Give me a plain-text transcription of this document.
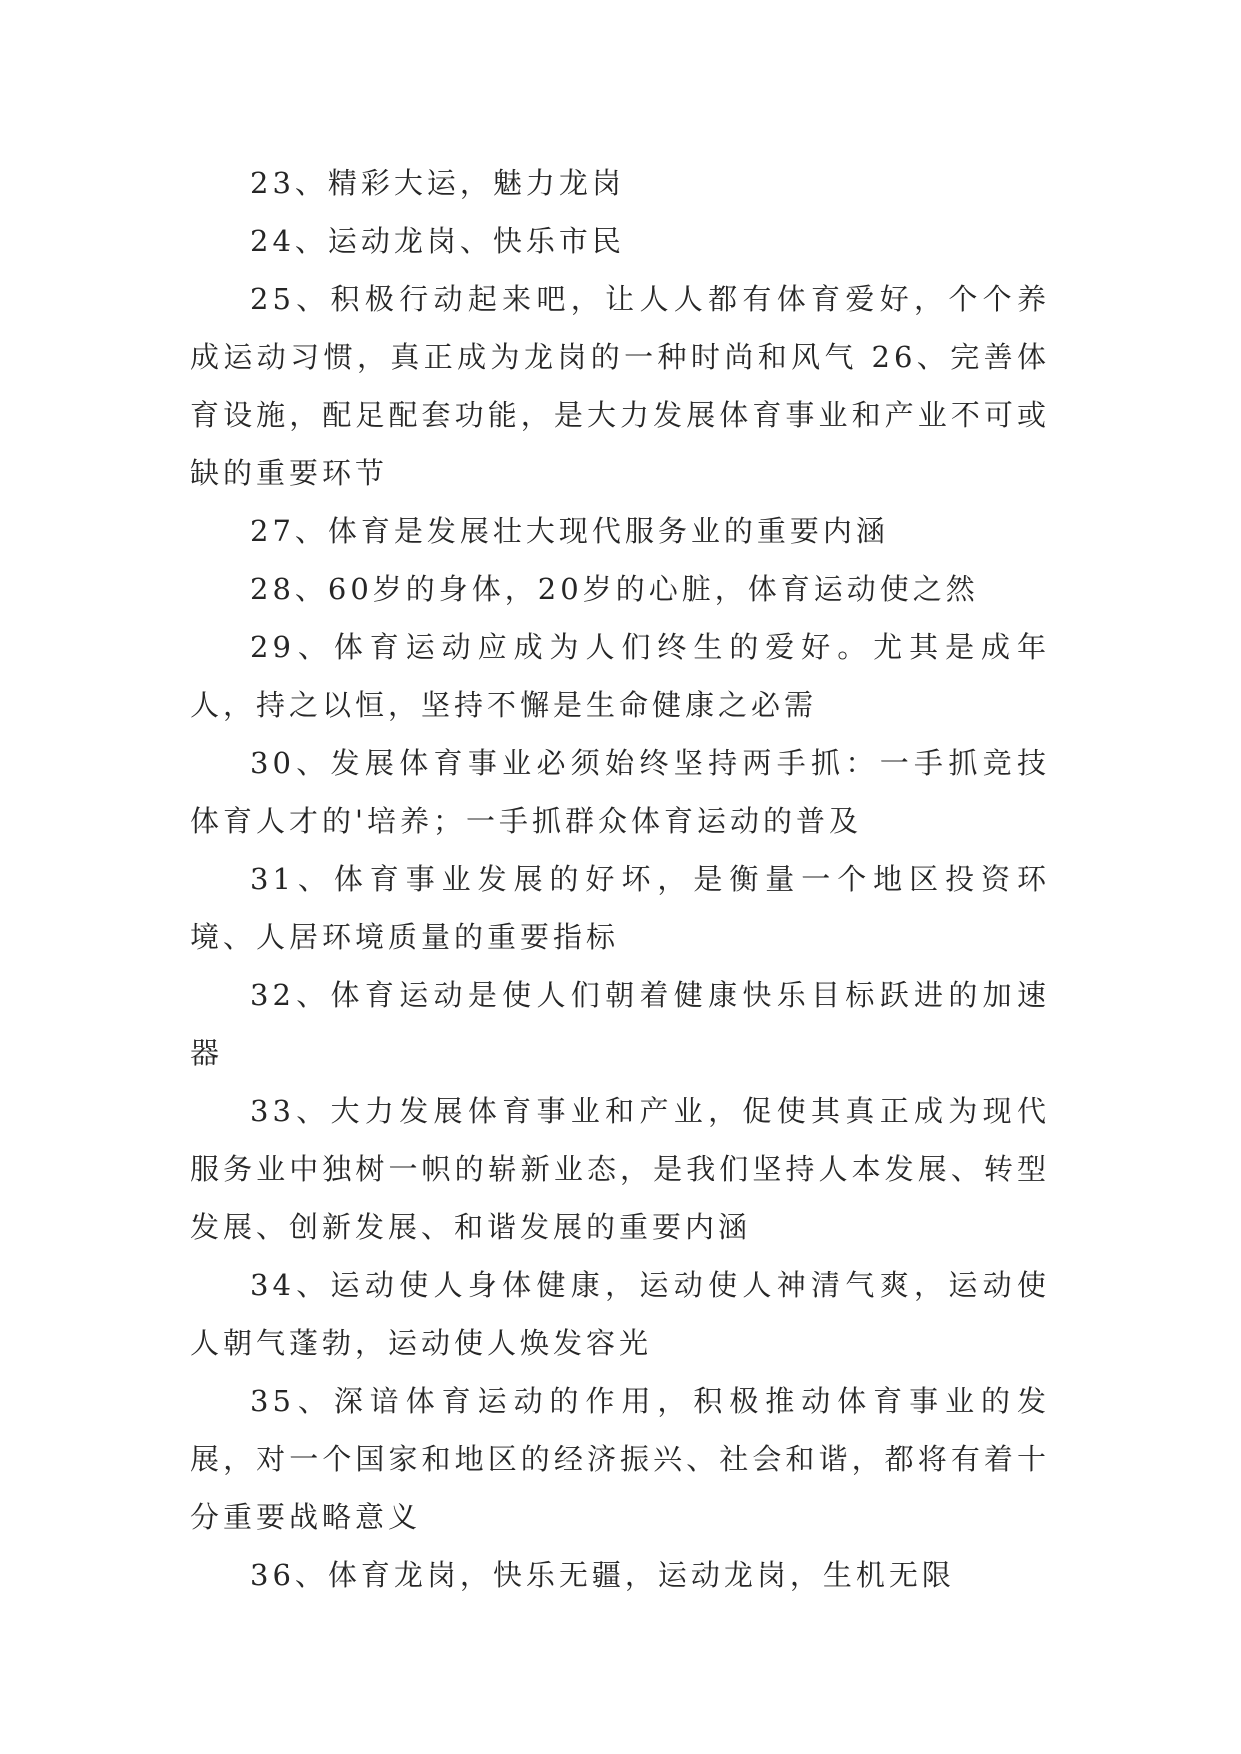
23、精彩大运，魅力龙岗

24、运动龙岗、快乐市民

25、积极行动起来吧，让人人都有体育爱好，个个养成运动习惯，真正成为龙岗的一种时尚和风气 26、完善体育设施，配足配套功能，是大力发展体育事业和产业不可或缺的重要环节

27、体育是发展壮大现代服务业的重要内涵

28、60岁的身体，20岁的心脏，体育运动使之然

29、体育运动应成为人们终生的爱好。尤其是成年人，持之以恒，坚持不懈是生命健康之必需

30、发展体育事业必须始终坚持两手抓：一手抓竞技体育人才的'培养；一手抓群众体育运动的普及

31、体育事业发展的好坏，是衡量一个地区投资环境、人居环境质量的重要指标

32、体育运动是使人们朝着健康快乐目标跃进的加速器

33、大力发展体育事业和产业，促使其真正成为现代服务业中独树一帜的崭新业态，是我们坚持人本发展、转型发展、创新发展、和谐发展的重要内涵

34、运动使人身体健康，运动使人神清气爽，运动使人朝气蓬勃，运动使人焕发容光

35、深谙体育运动的作用，积极推动体育事业的发展，对一个国家和地区的经济振兴、社会和谐，都将有着十分重要战略意义

36、体育龙岗，快乐无疆，运动龙岗，生机无限
